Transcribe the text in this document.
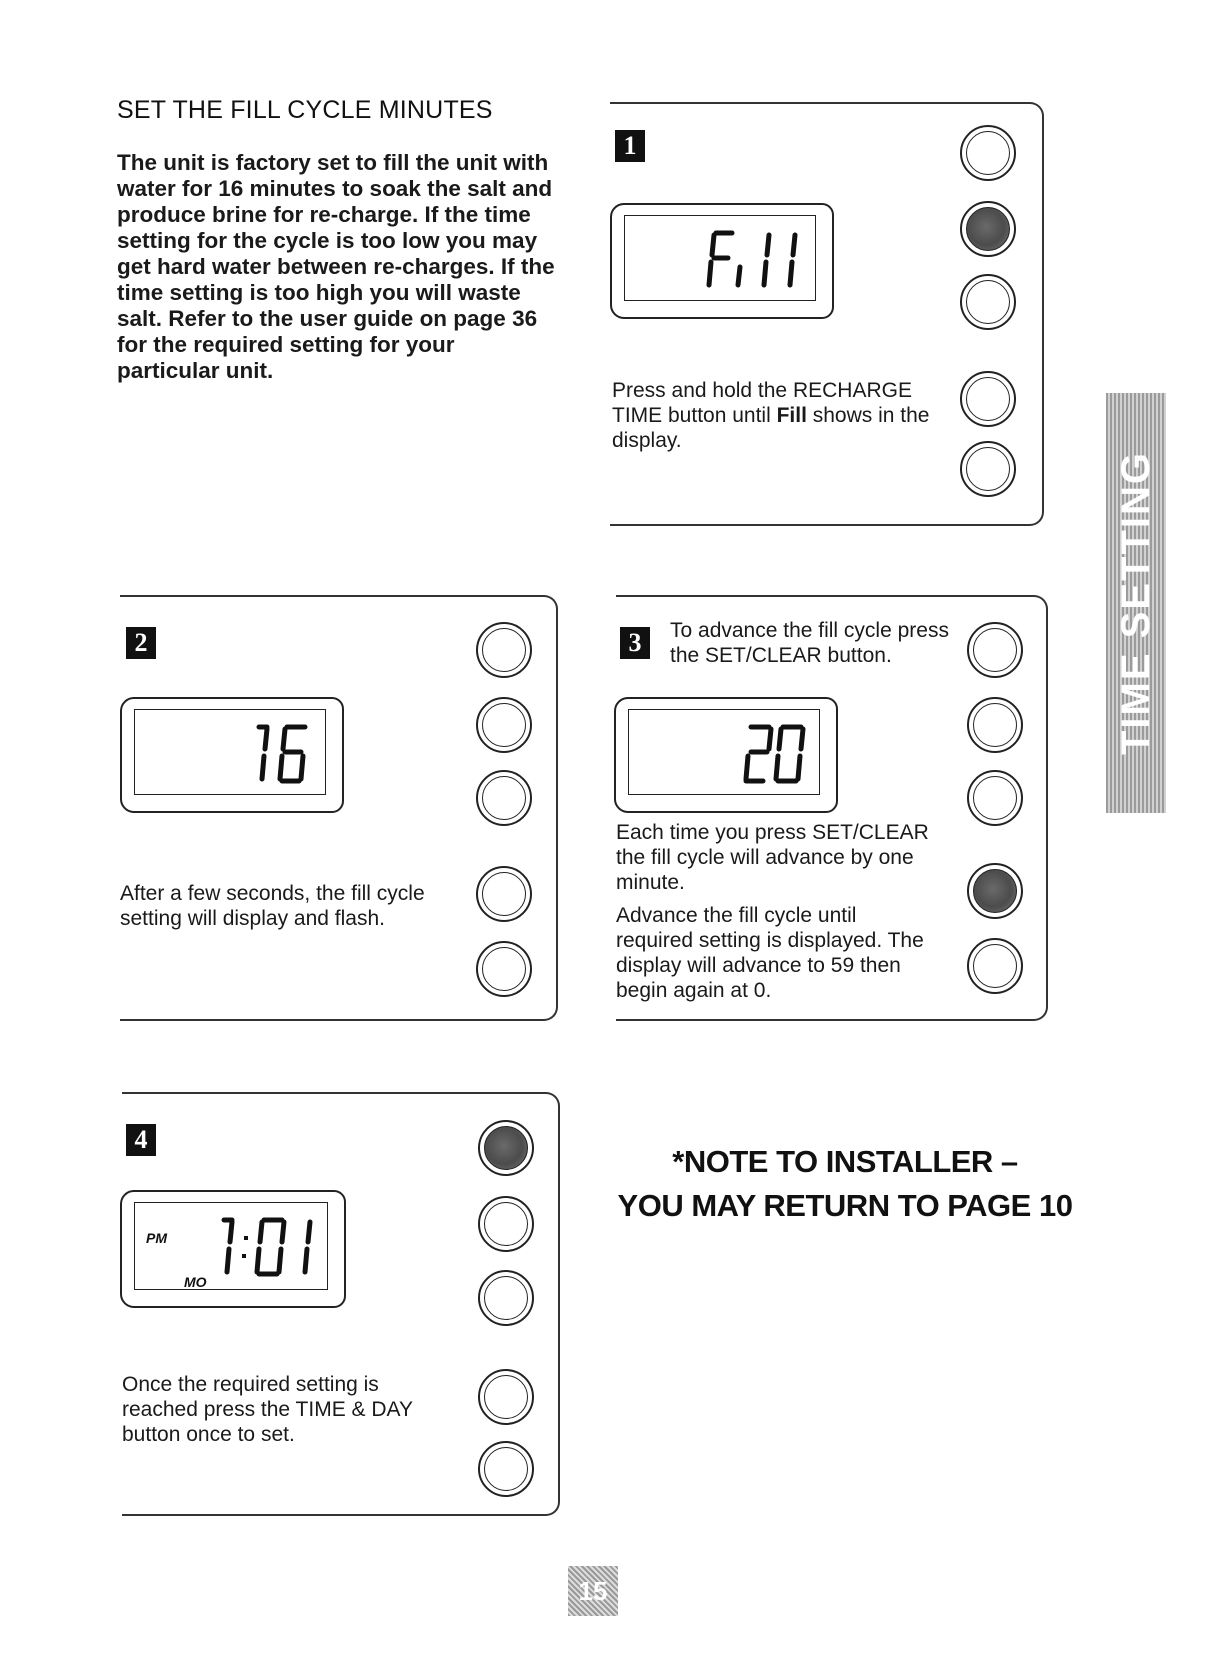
SET THE FILL CYCLE MINUTES
The unit is factory set to fill the unit with water for 16 minutes to soak the salt and produce brine for re-charge. If the time setting for the cycle is too low you may get hard water between re-charges. If the time setting is too high you will waste salt. Refer to the user guide on page 36 for the required setting for your particular unit.
1
Press and hold the RECHARGE TIME button until Fill shows in the display.
2
After a few seconds, the fill cycle setting will display and flash.
3	To advance the fill cycle press the SET/CLEAR button.
Each time you press SET/CLEAR the fill cycle will advance by one minute.
Advance the fill cycle until required setting is displayed. The display will advance to 59 then begin again at 0.
4
PM
MO
Once the required setting is reached press the TIME & DAY button once to set.
*NOTE TO INSTALLER –
YOU MAY RETURN TO PAGE 10
TIME SETTING
15
